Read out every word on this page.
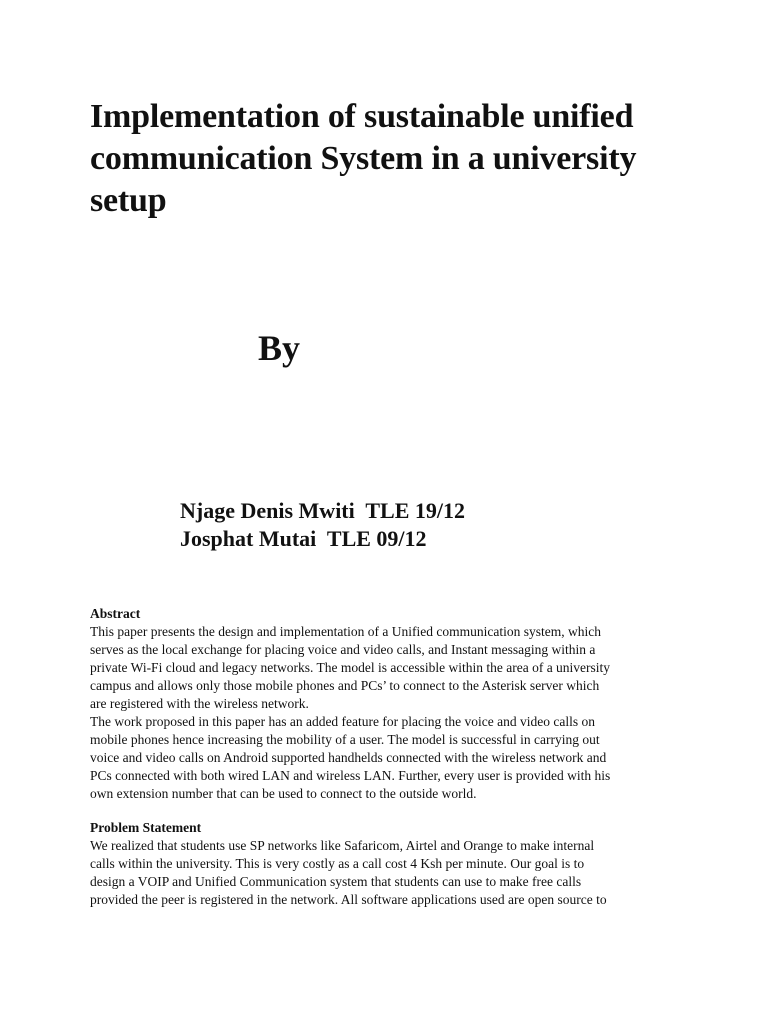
Implementation of sustainable unified
communication System in a university
setup

By

Njage Denis Mwiti  TLE 19/12
Josphat Mutai  TLE 09/12
Abstract
This paper presents the design and implementation of a Unified communication system, which
serves as the local exchange for placing voice and video calls, and Instant messaging within a
private Wi-Fi cloud and legacy networks. The model is accessible within the area of a university
campus and allows only those mobile phones and PCs’ to connect to the Asterisk server which
are registered with the wireless network.
The work proposed in this paper has an added feature for placing the voice and video calls on
mobile phones hence increasing the mobility of a user. The model is successful in carrying out
voice and video calls on Android supported handhelds connected with the wireless network and
PCs connected with both wired LAN and wireless LAN. Further, every user is provided with his
own extension number that can be used to connect to the outside world.
Problem Statement
We realized that students use SP networks like Safaricom, Airtel and Orange to make internal
calls within the university. This is very costly as a call cost 4 Ksh per minute. Our goal is to
design a VOIP and Unified Communication system that students can use to make free calls
provided the peer is registered in the network. All software applications used are open source to
